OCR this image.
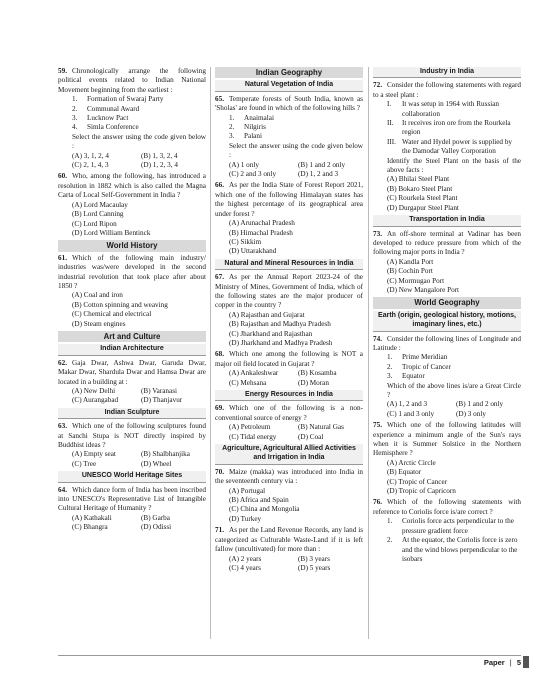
59. Chronologically arrange the following political events related to Indian National Movement beginning from the earliest :
1.	Formation of Swaraj Party
2.	Communal Award
3.	Lucknow Pact
4.	Simla Conference
Select the answer using the code given below :
(A) 3, 1, 2, 4	(B) 1, 3, 2, 4
(C) 2, 1, 4, 3	(D) 1, 2, 3, 4
60. Who, among the following, has introduced a resolution in 1882 which is also called the Magna Carta of Local Self-Government in India ?
(A) Lord Macaulay
(B) Lord Canning
(C) Lord Ripon
(D) Lord William Bentinck
World History
61. Which of the following main industry/ industries was/were developed in the second industrial revolution that took place after about 1850 ?
(A) Coal and iron
(B) Cotton spinning and weaving
(C) Chemical and electrical
(D) Steam engines
Art and Culture
Indian Architecture
62. Gaja Dwar, Ashwa Dwar, Garuda Dwar, Makar Dwar, Shardula Dwar and Hamsa Dwar are located in a building at :
(A) New Delhi	(B) Varanasi
(C) Aurangabad	(D) Thanjavur
Indian Sculpture
63. Which one of the following sculptures found at Sanchi Stupa is NOT directly inspired by Buddhist ideas ?
(A) Empty seat	(B) Shalbhanjika
(C) Tree	(D) Wheel
UNESCO World Heritage Sites
64. Which dance form of India has been inscribed into UNESCO's Representative List of Intangible Cultural Heritage of Humanity ?
(A) Kathakali	(B) Garba
(C) Bhangra	(D) Odissi
Indian Geography
Natural Vegetation of India
65. Temperate forests of South India, known as 'Sholas' are found in which of the following hills ?
1.	Anaimalai
2.	Nilgiris
3.	Palani
Select the answer using the code given below :
(A) 1 only	(B) 1 and 2 only
(C) 2 and 3 only	(D) 1, 2 and 3
66. As per the India State of Forest Report 2021, which one of the following Himalayan states has the highest percentage of its geographical area under forest ?
(A) Arunachal Pradesh
(B) Himachal Pradesh
(C) Sikkim
(D) Uttarakhand
Natural and Mineral Resources in India
67. As per the Annual Report 2023-24 of the Ministry of Mines, Government of India, which of the following states are the major producer of copper in the country ?
(A) Rajasthan and Gujarat
(B) Rajasthan and Madhya Pradesh
(C) Jharkhand and Rajasthan
(D) Jharkhand and Madhya Pradesh
68. Which one among the following is NOT a major oil field located in Gujarat ?
(A) Ankaleshwar	(B) Kosamba
(C) Mehsana	(D) Moran
Energy Resources in India
69. Which one of the following is a non-conventional source of energy ?
(A) Petroleum	(B) Natural Gas
(C) Tidal energy	(D) Coal
Agriculture, Agricultural Allied Activities and Irrigation in India
70. Maize (makka) was introduced into India in the seventeenth century via :
(A) Portugal
(B) Africa and Spain
(C) China and Mongolia
(D) Turkey
71. As per the Land Revenue Records, any land is categorized as Culturable Waste-Land if it is left fallow (uncultivated) for more than :
(A) 2 years	(B) 3 years
(C) 4 years	(D) 5 years
Industry in India
72. Consider the following statements with regard to a steel plant :
I.	It was setup in 1964 with Russian collaboration
II.	It receives iron ore from the Rourkela region
III. Water and Hydel power is supplied by the Damodar Valley Corporation
Identify the Steel Plant on the basis of the above facts :
(A) Bhilai Steel Plant
(B) Bokaro Steel Plant
(C) Rourkela Steel Plant
(D) Durgapur Steel Plant
Transportation in India
73. An off-shore terminal at Vadinar has been developed to reduce pressure from which of the following major ports in India ?
(A) Kandla Port
(B) Cochin Port
(C) Mormugao Port
(D) New Mangalore Port
World Geography
Earth (origin, geological history, motions, imaginary lines, etc.)
74. Consider the following lines of Longitude and Latitude :
1.	Prime Meridian
2.	Tropic of Cancer
3.	Equator
Which of the above lines is/are a Great Circle ?
(A) 1, 2 and 3	(B) 1 and 2 only
(C) 1 and 3 only	(D) 3 only
75. Which one of the following latitudes will experience a minimum angle of the Sun's rays when it is Summer Solstice in the Northern Hemisphere ?
(A) Arctic Circle
(B) Equator
(C) Tropic of Cancer
(D) Tropic of Capricorn
76. Which of the following statements with reference to Coriolis force is/are correct ?
1.	Coriolis force acts perpendicular to the pressure gradient force
2.	At the equator, the Coriolis force is zero and the wind blows perpendicular to the isobars
Paper | 5
